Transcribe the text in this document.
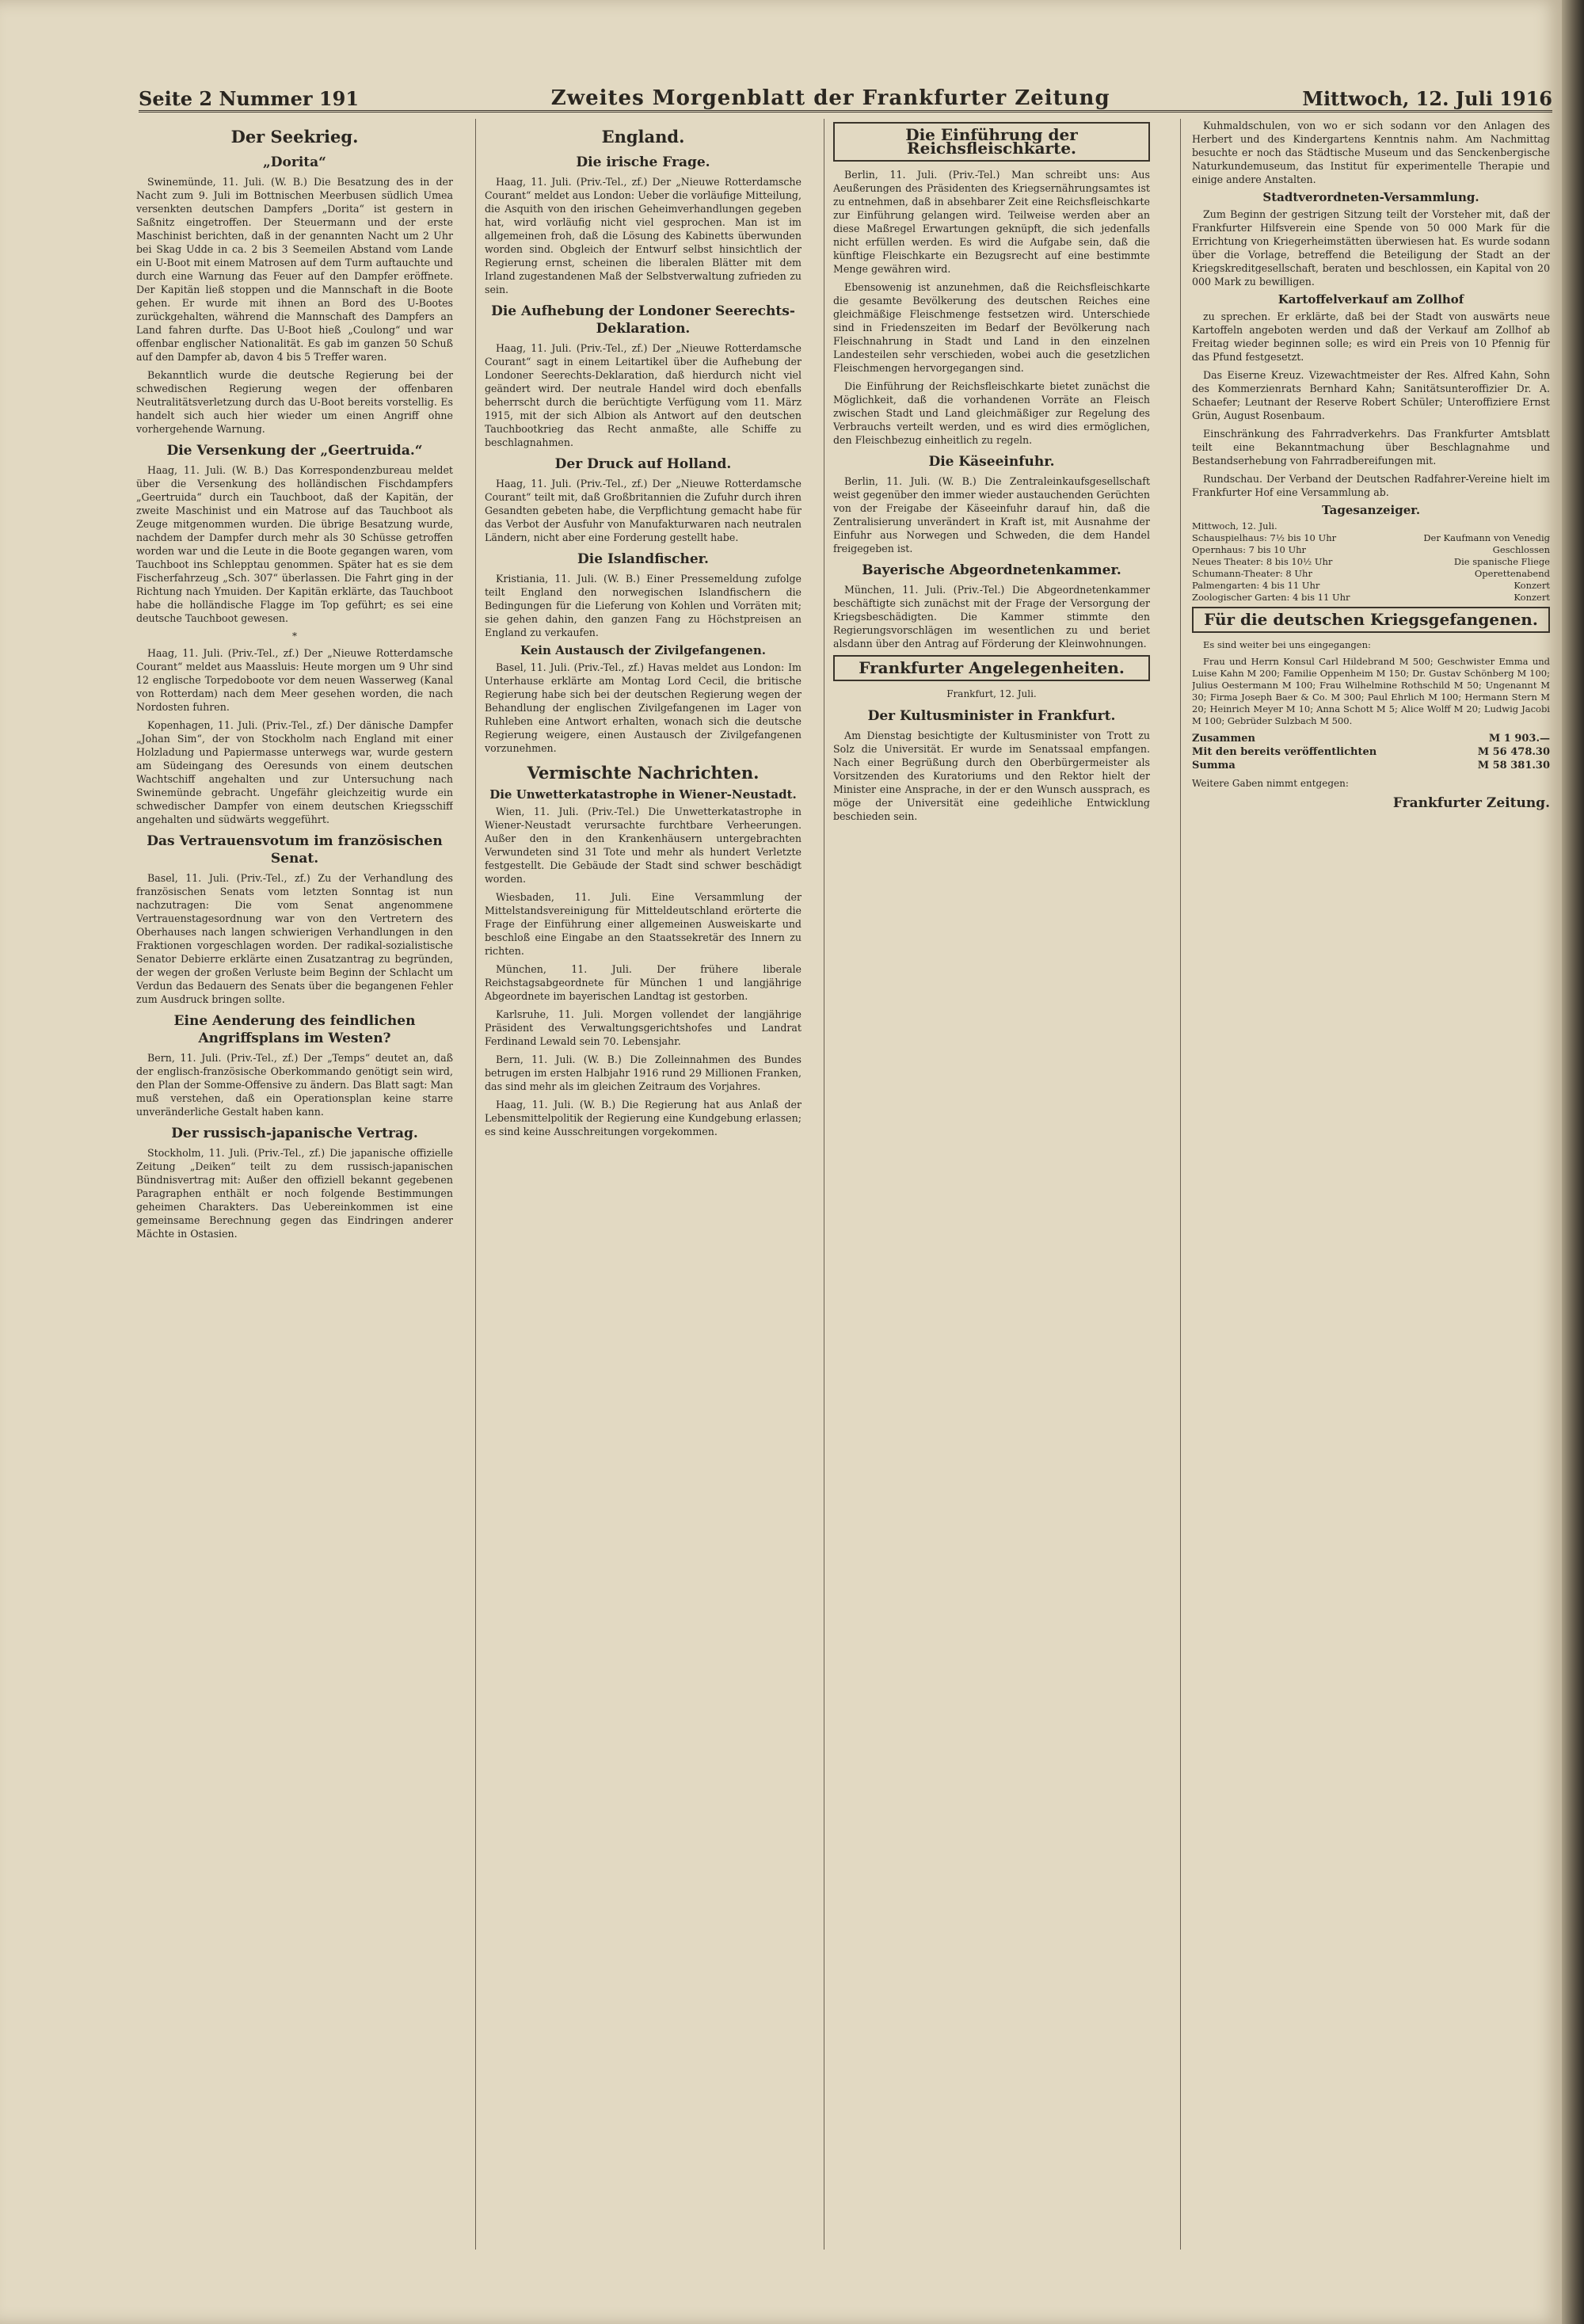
Seite 2 Nummer 191	Zweites Morgenblatt der Frankfurter Zeitung	Mittwoch, 12. Juli 1916
Der Seekrieg.
„Dorita“

Swinemünde, 11. Juli. (W. B.) Die Besatzung des in der Nacht zum 9. Juli im Bottnischen Meerbusen südlich Umea versenkten deutschen Dampfers „Dorita“ ist gestern in Saßnitz eingetroffen. Der Steuermann und der erste Maschinist berichten, daß in der genannten Nacht um 2 Uhr bei Skag Udde in ca. 2 bis 3 Seemeilen Abstand vom Lande ein U-Boot mit einem Matrosen auf dem Turm auftauchte und durch eine Warnung das Feuer auf den Dampfer eröffnete. Der Kapitän ließ stoppen und die Mannschaft in die Boote gehen. Er wurde mit ihnen an Bord des U-Bootes zurückgehalten, während die Mannschaft des Dampfers an Land fahren durfte. Das U-Boot hieß „Coulong“ und war offenbar englischer Nationalität. Es gab im ganzen 50 Schuß auf den Dampfer ab, davon 4 bis 5 Treffer waren.

Bekanntlich wurde die deutsche Regierung bei der schwedischen Regierung wegen der offenbaren Neutralitätsverletzung durch das U-Boot bereits vorstellig. Es handelt sich auch hier wieder um einen Angriff ohne vorhergehende Warnung.

Die Versenkung der „Geertruida.“

Haag, 11. Juli. (W. B.) Das Korrespondenzbureau meldet über die Versenkung des holländischen Fischdampfers „Geertruida“ durch ein Tauchboot, daß der Kapitän, der zweite Maschinist und ein Matrose auf das Tauchboot als Zeuge mitgenommen wurden. Die übrige Besatzung wurde, nachdem der Dampfer durch mehr als 30 Schüsse getroffen worden war und die Leute in die Boote gegangen waren, vom Tauchboot ins Schlepptau genommen. Später hat es sie dem Fischerfahrzeug „Sch. 307“ überlassen. Die Fahrt ging in der Richtung nach Ymuiden. Der Kapitän erklärte, das Tauchboot habe die holländische Flagge im Top geführt; es sei eine deutsche Tauchboot gewesen.

*

Haag, 11. Juli. (Priv.-Tel., zf.) Der „Nieuwe Rotterdamsche Courant“ meldet aus Maassluis: Heute morgen um 9 Uhr sind 12 englische Torpedoboote vor dem neuen Wasserweg (Kanal von Rotterdam) nach dem Meer gesehen worden, die nach Nordosten fuhren.

Kopenhagen, 11. Juli. (Priv.-Tel., zf.) Der dänische Dampfer „Johan Sim“, der von Stockholm nach England mit einer Holzladung und Papiermasse unterwegs war, wurde gestern am Südeingang des Oeresunds von einem deutschen Wachtschiff angehalten und zur Untersuchung nach Swinemünde gebracht. Ungefähr gleichzeitig wurde ein schwedischer Dampfer von einem deutschen Kriegsschiff angehalten und südwärts weggeführt.

Das Vertrauensvotum im französischen Senat.

Basel, 11. Juli. (Priv.-Tel., zf.) Zu der Verhandlung des französischen Senats vom letzten Sonntag ist nun nachzutragen: Die vom Senat angenommene Vertrauenstagesordnung war von den Vertretern des Oberhauses nach langen schwierigen Verhandlungen in den Fraktionen vorgeschlagen worden. Der radikal-sozialistische Senator Debierre erklärte einen Zusatzantrag zu begründen, der wegen der großen Verluste beim Beginn der Schlacht um Verdun das Bedauern des Senats über die begangenen Fehler zum Ausdruck bringen sollte.

Eine Aenderung des feindlichen Angriffsplans im Westen?

Bern, 11. Juli. (Priv.-Tel., zf.) Der „Temps“ deutet an, daß der englisch-französische Oberkommando genötigt sein wird, den Plan der Somme-Offensive zu ändern. Das Blatt sagt: Man muß verstehen, daß ein Operationsplan keine starre unveränderliche Gestalt haben kann.

Der russisch-japanische Vertrag.

Stockholm, 11. Juli. (Priv.-Tel., zf.) Die japanische offizielle Zeitung „Deiken“ teilt zu dem russisch-japanischen Bündnisvertrag mit: Außer den offiziell bekannt gegebenen Paragraphen enthält er noch folgende Bestimmungen geheimen Charakters. Das Uebereinkommen ist eine gemeinsame Berechnung gegen das Eindringen anderer Mächte in Ostasien.

England.
Die irische Frage.

Haag, 11. Juli. (Priv.-Tel., zf.) Der „Nieuwe Rotterdamsche Courant“ meldet aus London: Ueber die vorläufige Mitteilung, die Asquith von den irischen Geheimverhandlungen gegeben hat, wird vorläufig nicht viel gesprochen. Man ist im allgemeinen froh, daß die Lösung des Kabinetts überwunden worden sind. Obgleich der Entwurf selbst hinsichtlich der Regierung ernst, scheinen die liberalen Blätter mit dem Irland zugestandenen Maß der Selbstverwaltung zufrieden zu sein.

Die Aufhebung der Londoner Seerechts-Deklaration.

Haag, 11. Juli. (Priv.-Tel., zf.) Der „Nieuwe Rotterdamsche Courant“ sagt in einem Leitartikel über die Aufhebung der Londoner Seerechts-Deklaration, daß hierdurch nicht viel geändert wird. Der neutrale Handel wird doch ebenfalls beherrscht durch die berüchtigte Verfügung vom 11. März 1915, mit der sich Albion als Antwort auf den deutschen Tauchbootkrieg das Recht anmaßte, alle Schiffe zu beschlagnahmen.

Der Druck auf Holland.

Haag, 11. Juli. (Priv.-Tel., zf.) Der „Nieuwe Rotterdamsche Courant“ teilt mit, daß Großbritannien die Zufuhr durch ihren Gesandten gebeten habe, die Verpflichtung gemacht habe für das Verbot der Ausfuhr von Manufakturwaren nach neutralen Ländern, nicht aber eine Forderung gestellt habe.

Die Islandfischer.

Kristiania, 11. Juli. (W. B.) Einer Pressemeldung zufolge teilt England den norwegischen Islandfischern die Bedingungen für die Lieferung von Kohlen und Vorräten mit; sie gehen dahin, den ganzen Fang zu Höchstpreisen an England zu verkaufen.

Kein Austausch der Zivilgefangenen.

Basel, 11. Juli. (Priv.-Tel., zf.) Havas meldet aus London: Im Unterhause erklärte am Montag Lord Cecil, die britische Regierung habe sich bei der deutschen Regierung wegen der Behandlung der englischen Zivilgefangenen im Lager von Ruhleben eine Antwort erhalten, wonach sich die deutsche Regierung weigere, einen Austausch der Zivilgefangenen vorzunehmen.

Vermischte Nachrichten.
Die Unwetterkatastrophe in Wiener-Neustadt.

Wien, 11. Juli. (Priv.-Tel.) Die Unwetterkatastrophe in Wiener-Neustadt verursachte furchtbare Verheerungen. Außer den in den Krankenhäusern untergebrachten Verwundeten sind 31 Tote und mehr als hundert Verletzte festgestellt. Die Gebäude der Stadt sind schwer beschädigt worden.

Wiesbaden, 11. Juli. Eine Versammlung der Mittelstandsvereinigung für Mitteldeutschland erörterte die Frage der Einführung einer allgemeinen Ausweiskarte und beschloß eine Eingabe an den Staatssekretär des Innern zu richten.

München, 11. Juli. Der frühere liberale Reichstagsabgeordnete für München 1 und langjährige Abgeordnete im bayerischen Landtag ist gestorben.

Karlsruhe, 11. Juli. Morgen vollendet der langjährige Präsident des Verwaltungsgerichtshofes und Landrat Ferdinand Lewald sein 70. Lebensjahr.

Bern, 11. Juli. (W. B.) Die Zolleinnahmen des Bundes betrugen im ersten Halbjahr 1916 rund 29 Millionen Franken, das sind mehr als im gleichen Zeitraum des Vorjahres.

Haag, 11. Juli. (W. B.) Die Regierung hat aus Anlaß der Lebensmittelpolitik der Regierung eine Kundgebung erlassen; es sind keine Ausschreitungen vorgekommen.

Die Einführung der Reichsfleischkarte.

Berlin, 11. Juli. (Priv.-Tel.) Man schreibt uns: Aus Aeußerungen des Präsidenten des Kriegsernährungsamtes ist zu entnehmen, daß in absehbarer Zeit eine Reichsfleischkarte zur Einführung gelangen wird. Teilweise werden aber an diese Maßregel Erwartungen geknüpft, die sich jedenfalls nicht erfüllen werden. Es wird die Aufgabe sein, daß die künftige Fleischkarte ein Bezugsrecht auf eine bestimmte Menge gewähren wird.

Ebensowenig ist anzunehmen, daß die Reichsfleischkarte die gesamte Bevölkerung des deutschen Reiches eine gleichmäßige Fleischmenge festsetzen wird. Unterschiede sind in Friedenszeiten im Bedarf der Bevölkerung nach Fleischnahrung in Stadt und Land in den einzelnen Landesteilen sehr verschieden, wobei auch die gesetzlichen Fleischmengen hervorgegangen sind.

Die Einführung der Reichsfleischkarte bietet zunächst die Möglichkeit, daß die vorhandenen Vorräte an Fleisch zwischen Stadt und Land gleichmäßiger zur Regelung des Verbrauchs verteilt werden, und es wird dies ermöglichen, den Fleischbezug einheitlich zu regeln.

Die Käseeinfuhr.

Berlin, 11. Juli. (W. B.) Die Zentraleinkaufsgesellschaft weist gegenüber den immer wieder austauchenden Gerüchten von der Freigabe der Käseeinfuhr darauf hin, daß die Zentralisierung unverändert in Kraft ist, mit Ausnahme der Einfuhr aus Norwegen und Schweden, die dem Handel freigegeben ist.

Bayerische Abgeordnetenkammer.

München, 11. Juli. (Priv.-Tel.) Die Abgeordnetenkammer beschäftigte sich zunächst mit der Frage der Versorgung der Kriegsbeschädigten. Die Kammer stimmte den Regierungsvorschlägen im wesentlichen zu und beriet alsdann über den Antrag auf Förderung der Kleinwohnungen.

Frankfurter Angelegenheiten.
Frankfurt, 12. Juli.
Der Kultusminister in Frankfurt.

Am Dienstag besichtigte der Kultusminister von Trott zu Solz die Universität. Er wurde im Senatssaal empfangen. Nach einer Begrüßung durch den Oberbürgermeister als Vorsitzenden des Kuratoriums und den Rektor hielt der Minister eine Ansprache, in der er den Wunsch aussprach, es möge der Universität eine gedeihliche Entwicklung beschieden sein.

Kuhmaldschulen, von wo er sich sodann vor den Anlagen des Herbert und des Kindergartens Kenntnis nahm. Am Nachmittag besuchte er noch das Städtische Museum und das Senckenbergische Naturkundemuseum, das Institut für experimentelle Therapie und einige andere Anstalten.

Stadtverordneten-Versammlung.

Zum Beginn der gestrigen Sitzung teilt der Vorsteher mit, daß der Frankfurter Hilfsverein eine Spende von 50 000 Mark für die Errichtung von Kriegerheimstätten überwiesen hat. Es wurde sodann über die Vorlage, betreffend die Beteiligung der Stadt an der Kriegskreditgesellschaft, beraten und beschlossen, ein Kapital von 20 000 Mark zu bewilligen.

Kartoffelverkauf am Zollhof

zu sprechen. Er erklärte, daß bei der Stadt von auswärts neue Kartoffeln angeboten werden und daß der Verkauf am Zollhof ab Freitag wieder beginnen solle; es wird ein Preis von 10 Pfennig für das Pfund festgesetzt.

Das Eiserne Kreuz. Vizewachtmeister der Res. Alfred Kahn, Sohn des Kommerzienrats Bernhard Kahn; Sanitätsunteroffizier Dr. A. Schaefer; Leutnant der Reserve Robert Schüler; Unteroffiziere Ernst Grün, August Rosenbaum.

Einschränkung des Fahrradverkehrs. Das Frankfurter Amtsblatt teilt eine Bekanntmachung über Beschlagnahme und Bestandserhebung von Fahrradbereifungen mit.

Rundschau. Der Verband der Deutschen Radfahrer-Vereine hielt im Frankfurter Hof eine Versammlung ab.

Tagesanzeiger.
Mittwoch, 12. Juli.
Schauspielhaus: 7½ bis 10 Uhr	Der Kaufmann von Venedig
Opernhaus: 7 bis 10 Uhr	Geschlossen
Neues Theater: 8 bis 10½ Uhr	Die spanische Fliege
Schumann-Theater: 8 Uhr	Operettenabend
Palmengarten: 4 bis 11 Uhr	Konzert
Zoologischer Garten: 4 bis 11 Uhr	Konzert
Für die deutschen Kriegsgefangenen.

Es sind weiter bei uns eingegangen:

Frau und Herrn Konsul Carl Hildebrand M 500; Geschwister Emma und Luise Kahn M 200; Familie Oppenheim M 150; Dr. Gustav Schönberg M 100; Julius Oestermann M 100; Frau Wilhelmine Rothschild M 50; Ungenannt M 30; Firma Joseph Baer & Co. M 300; Paul Ehrlich M 100; Hermann Stern M 20; Heinrich Meyer M 10; Anna Schott M 5; Alice Wolff M 20; Ludwig Jacobi M 100; Gebrüder Sulzbach M 500.

Zusammen	M 1 903.—
Mit den bereits veröffentlichten	M 56 478.30
Summa	M 58 381.30
Weitere Gaben nimmt entgegen:
Frankfurter Zeitung.
